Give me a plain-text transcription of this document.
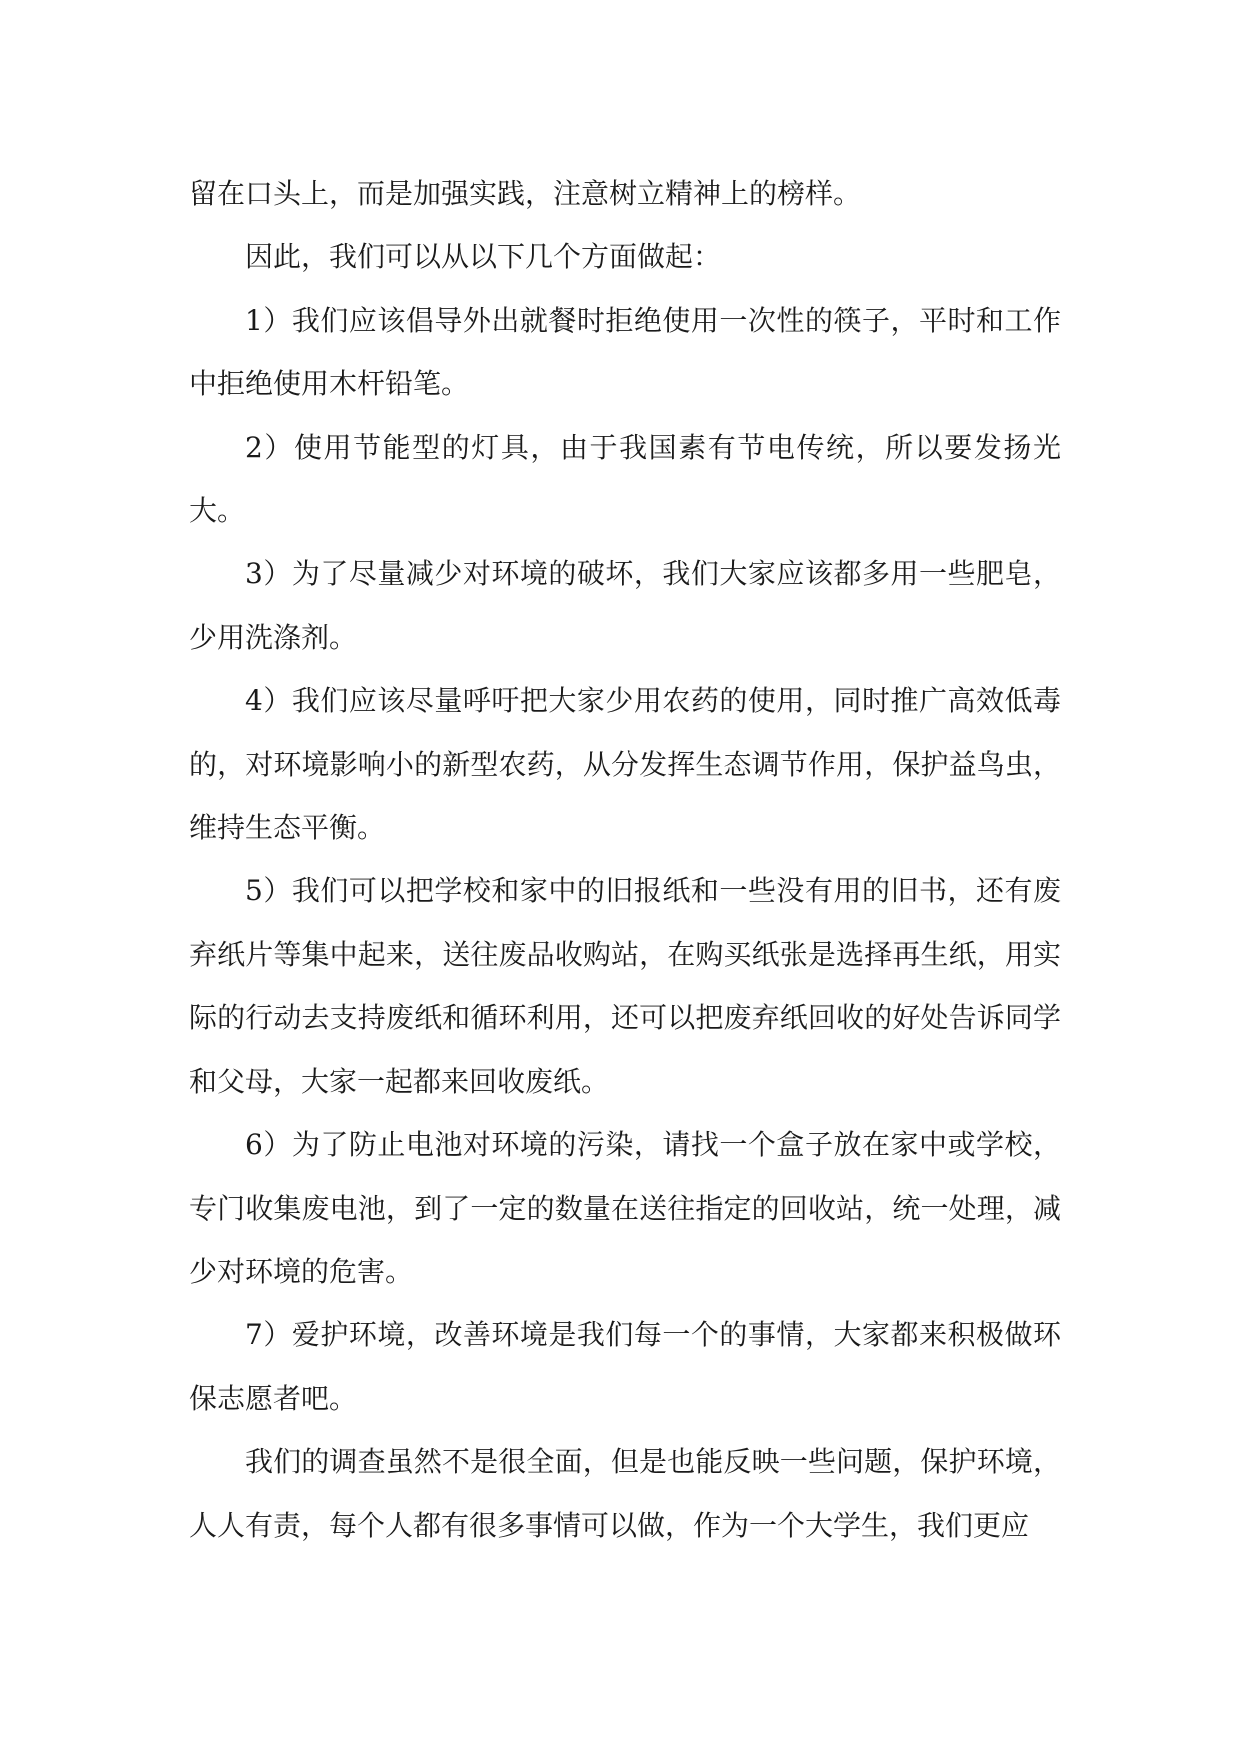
留在口头上，而是加强实践，注意树立精神上的榜样。

因此，我们可以从以下几个方面做起：

1）我们应该倡导外出就餐时拒绝使用一次性的筷子，平时和工作中拒绝使用木杆铅笔。

2）使用节能型的灯具，由于我国素有节电传统，所以要发扬光大。

3）为了尽量减少对环境的破坏，我们大家应该都多用一些肥皂，少用洗涤剂。

4）我们应该尽量呼吁把大家少用农药的使用，同时推广高效低毒的，对环境影响小的新型农药，从分发挥生态调节作用，保护益鸟虫，维持生态平衡。

5）我们可以把学校和家中的旧报纸和一些没有用的旧书，还有废弃纸片等集中起来，送往废品收购站，在购买纸张是选择再生纸，用实际的行动去支持废纸和循环利用，还可以把废弃纸回收的好处告诉同学和父母，大家一起都来回收废纸。

6）为了防止电池对环境的污染，请找一个盒子放在家中或学校，专门收集废电池，到了一定的数量在送往指定的回收站，统一处理，减少对环境的危害。

7）爱护环境，改善环境是我们每一个的事情，大家都来积极做环保志愿者吧。

我们的调查虽然不是很全面，但是也能反映一些问题，保护环境，人人有责，每个人都有很多事情可以做，作为一个大学生，我们更应
